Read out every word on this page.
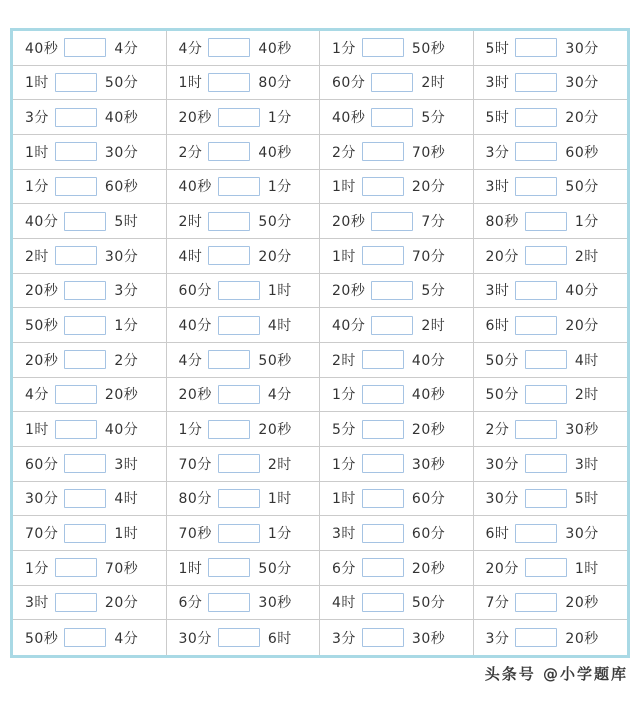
40秒	4分	4分	40秒	1分	50秒	5时	30分
1时	50分	1时	80分	60分	2时	3时	30分
3分	40秒	20秒	1分	40秒	5分	5时	20分
1时	30分	2分	40秒	2分	70秒	3分	60秒
1分	60秒	40秒	1分	1时	20分	3时	50分
40分	5时	2时	50分	20秒	7分	80秒	1分
2时	30分	4时	20分	1时	70分	20分	2时
20秒	3分	60分	1时	20秒	5分	3时	40分
50秒	1分	40分	4时	40分	2时	6时	20分
20秒	2分	4分	50秒	2时	40分	50分	4时
4分	20秒	20秒	4分	1分	40秒	50分	2时
1时	40分	1分	20秒	5分	20秒	2分	30秒
60分	3时	70分	2时	1分	30秒	30分	3时
30分	4时	80分	1时	1时	60分	30分	5时
70分	1时	70秒	1分	3时	60分	6时	30分
1分	70秒	1时	50分	6分	20秒	20分	1时
3时	20分	6分	30秒	4时	50分	7分	20秒
50秒	4分	30分	6时	3分	30秒	3分	20秒
头条号 @小学题库
